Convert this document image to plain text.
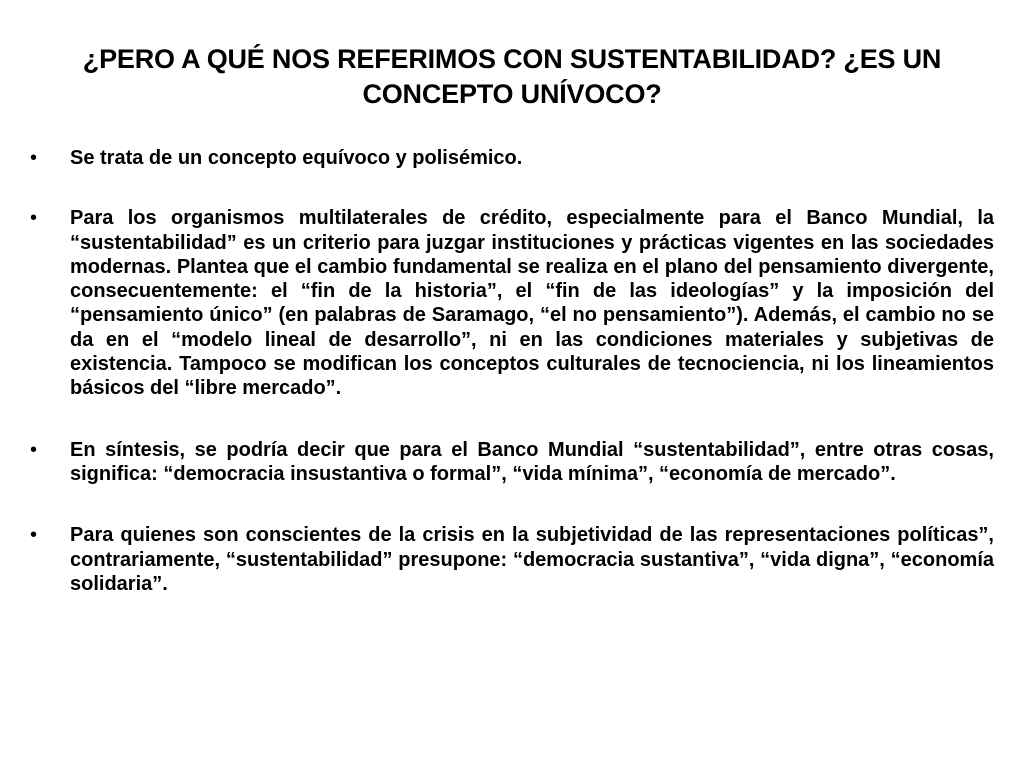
¿PERO A QUÉ NOS REFERIMOS CON SUSTENTABILIDAD? ¿ES UN CONCEPTO UNÍVOCO?
•	Se trata de un concepto equívoco y polisémico.
•	Para los organismos multilaterales de crédito, especialmente para el Banco Mundial, la “sustentabilidad” es un criterio para juzgar instituciones y prácticas vigentes en las sociedades modernas. Plantea que el cambio fundamental se realiza en el plano del pensamiento divergente, consecuentemente: el “fin de la historia”, el “fin de las ideologías” y la imposición del “pensamiento único” (en palabras de Saramago, “el no pensamiento”). Además, el cambio no se da en el “modelo lineal de desarrollo”, ni en las condiciones materiales y subjetivas de existencia. Tampoco se modifican los conceptos culturales de tecnociencia, ni los lineamientos básicos del “libre mercado”.
•	En síntesis, se podría decir que para el Banco Mundial “sustentabilidad”, entre otras cosas, significa: “democracia insustantiva o formal”, “vida mínima”, “economía de mercado”.
•	Para quienes son conscientes de la crisis en la subjetividad de las representaciones políticas”, contrariamente, “sustentabilidad” presupone: “democracia sustantiva”, “vida digna”, “economía solidaria”.
